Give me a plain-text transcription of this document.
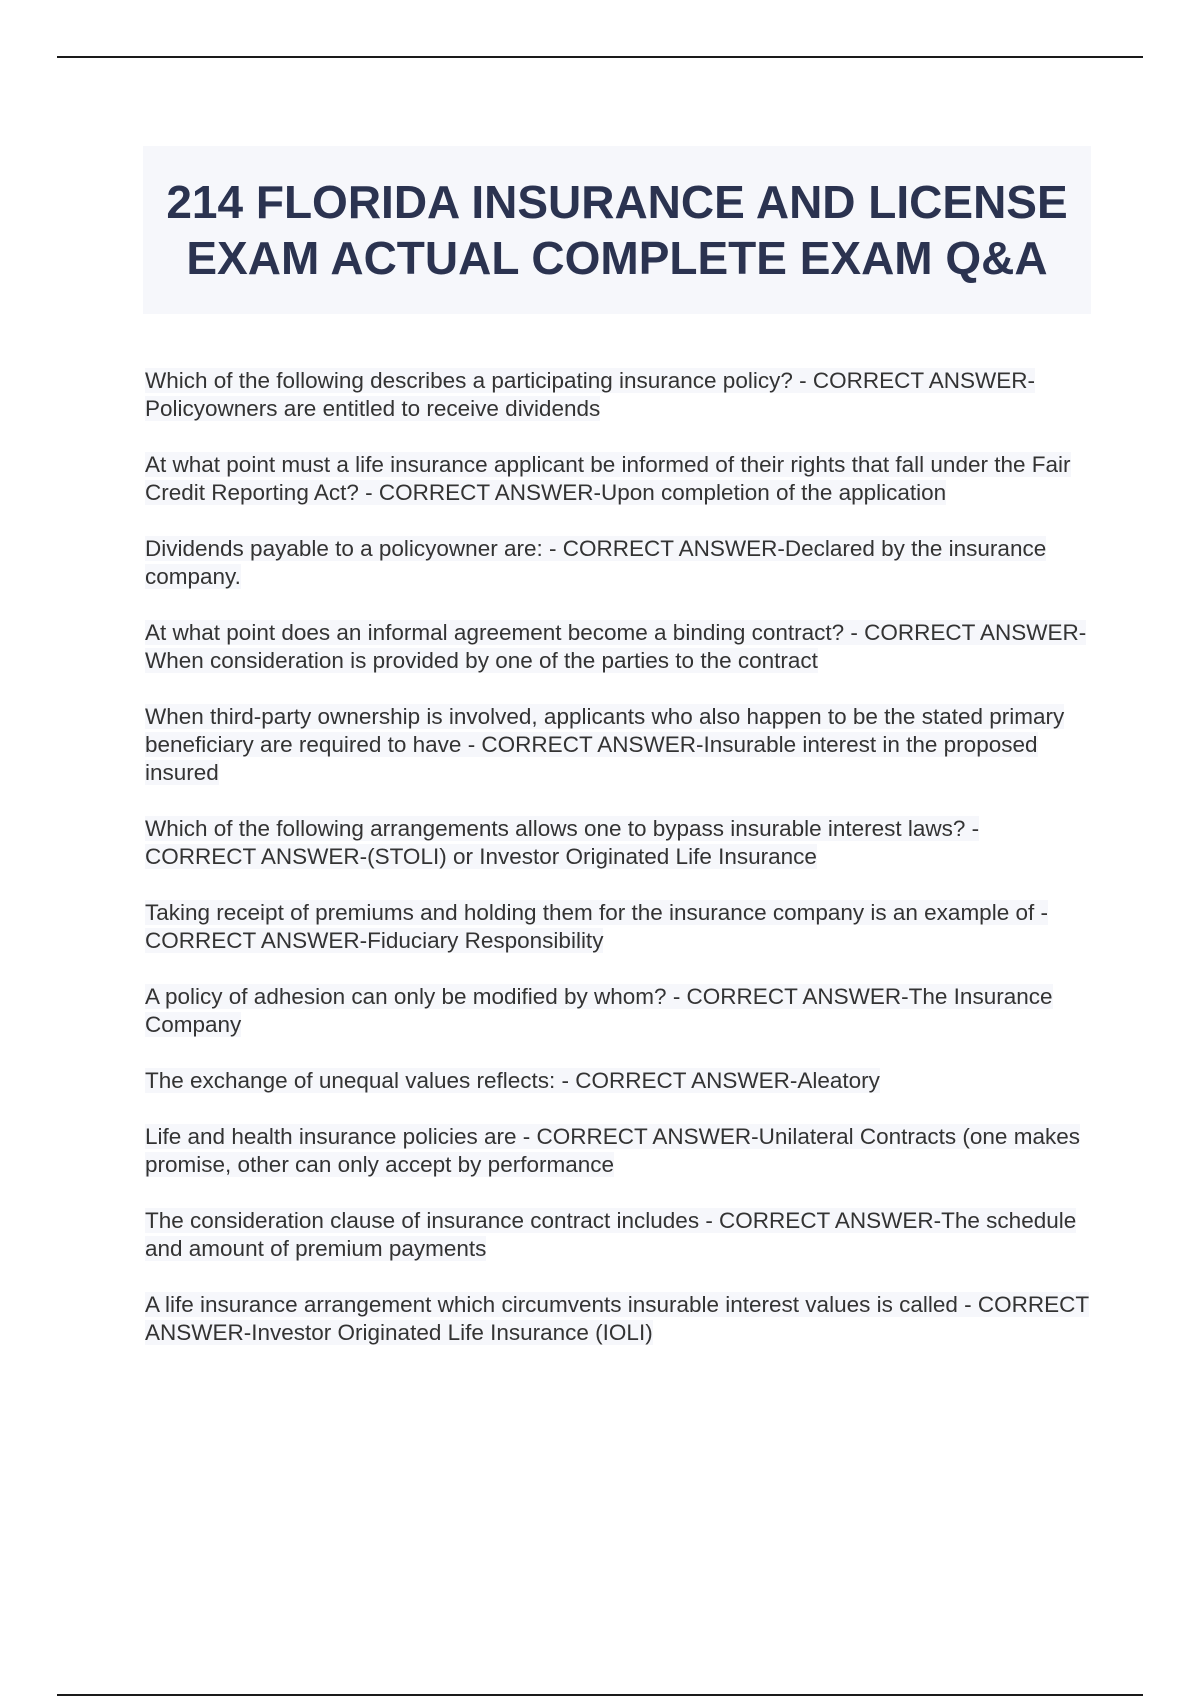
214 FLORIDA INSURANCE AND LICENSE EXAM ACTUAL COMPLETE EXAM Q&A

Which of the following describes a participating insurance policy? - CORRECT ANSWER-Policyowners are entitled to receive dividends

At what point must a life insurance applicant be informed of their rights that fall under the Fair Credit Reporting Act? - CORRECT ANSWER-Upon completion of the application

Dividends payable to a policyowner are: - CORRECT ANSWER-Declared by the insurance company.

At what point does an informal agreement become a binding contract? - CORRECT ANSWER-When consideration is provided by one of the parties to the contract

When third-party ownership is involved, applicants who also happen to be the stated primary beneficiary are required to have - CORRECT ANSWER-Insurable interest in the proposed insured

Which of the following arrangements allows one to bypass insurable interest laws? - CORRECT ANSWER-(STOLI) or Investor Originated Life Insurance

Taking receipt of premiums and holding them for the insurance company is an example of - CORRECT ANSWER-Fiduciary Responsibility

A policy of adhesion can only be modified by whom? - CORRECT ANSWER-The Insurance Company

The exchange of unequal values reflects: - CORRECT ANSWER-Aleatory

Life and health insurance policies are - CORRECT ANSWER-Unilateral Contracts (one makes promise, other can only accept by performance

The consideration clause of insurance contract includes - CORRECT ANSWER-The schedule and amount of premium payments

A life insurance arrangement which circumvents insurable interest values is called - CORRECT ANSWER-Investor Originated Life Insurance (IOLI)
